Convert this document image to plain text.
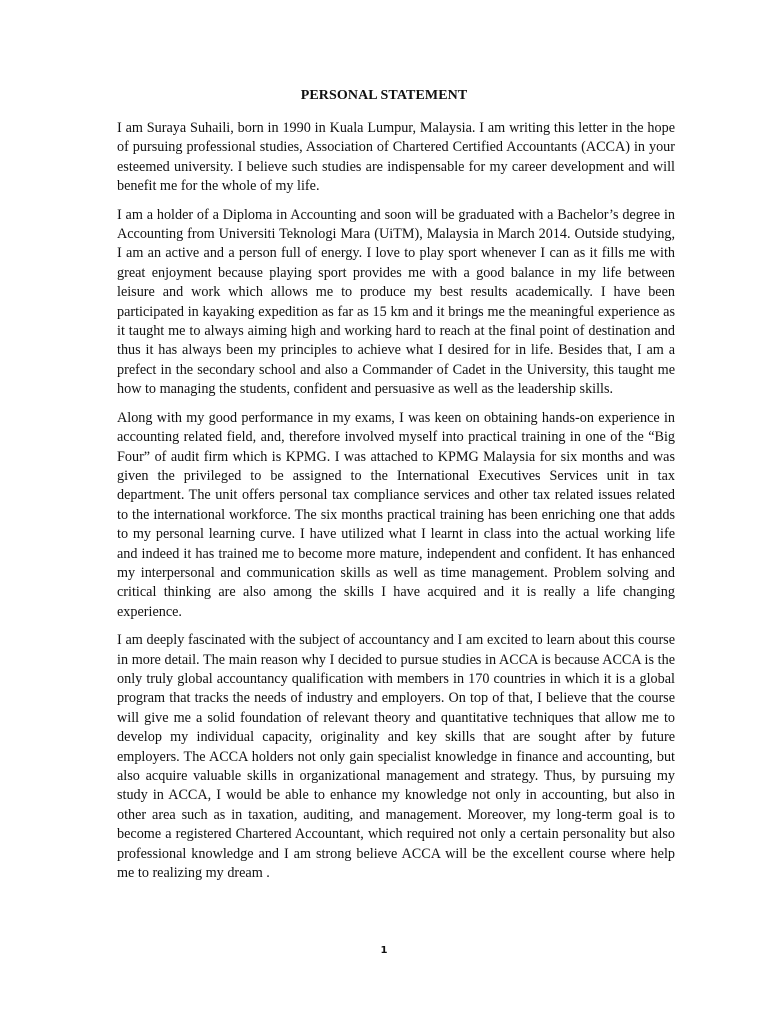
PERSONAL STATEMENT

I am Suraya Suhaili, born in 1990 in Kuala Lumpur, Malaysia. I am writing this letter in the hope of pursuing professional studies, Association of Chartered Certified Accountants (ACCA) in your esteemed university. I believe such studies are indispensable for my career development and will benefit me for the whole of my life.

I am a holder of a Diploma in Accounting and soon will be graduated with a Bachelor’s degree in Accounting from Universiti Teknologi Mara (UiTM), Malaysia in March 2014. Outside studying, I am an active and a person full of energy. I love to play sport whenever I can as it fills me with great enjoyment because playing sport provides me with a good balance in my life between leisure and work which allows me to produce my best results academically. I have been participated in kayaking expedition as far as 15 km and it brings me the meaningful experience as it taught me to always aiming high and working hard to reach at the final point of destination and thus it has always been my principles to achieve what I desired for in life. Besides that, I am a prefect in the secondary school and also a Commander of Cadet in the University, this taught me how to managing the students, confident and persuasive as well as the leadership skills.

Along with my good performance in my exams, I was keen on obtaining hands-on experience in accounting related field, and, therefore involved myself into practical training in one of the “Big Four” of audit firm which is KPMG. I was attached to KPMG Malaysia for six months and was given the privileged to be assigned to the International Executives Services unit in tax department. The unit offers personal tax compliance services and other tax related issues related to the international workforce. The six months practical training has been enriching one that adds to my personal learning curve. I have utilized what I learnt in class into the actual working life and indeed it has trained me to become more mature, independent and confident. It has enhanced my interpersonal and communication skills as well as time management. Problem solving and critical thinking are also among the skills I have acquired and it is really a life changing experience.

I am deeply fascinated with the subject of accountancy and I am excited to learn about this course in more detail. The main reason why I decided to pursue studies in ACCA is because ACCA is the only truly global accountancy qualification with members in 170 countries in which it is a global program that tracks the needs of industry and employers. On top of that, I believe that the course will give me a solid foundation of relevant theory and quantitative techniques that allow me to develop my individual capacity, originality and key skills that are sought after by future employers. The ACCA holders not only gain specialist knowledge in finance and accounting, but also acquire valuable skills in organizational management and strategy. Thus, by pursuing my study in ACCA, I would be able to enhance my knowledge not only in accounting, but also in other area such as in taxation, auditing, and management. Moreover, my long-term goal is to become a registered Chartered Accountant, which required not only a certain personality but also professional knowledge and I am strong believe ACCA will be the excellent course where help me to realizing my dream .

1
